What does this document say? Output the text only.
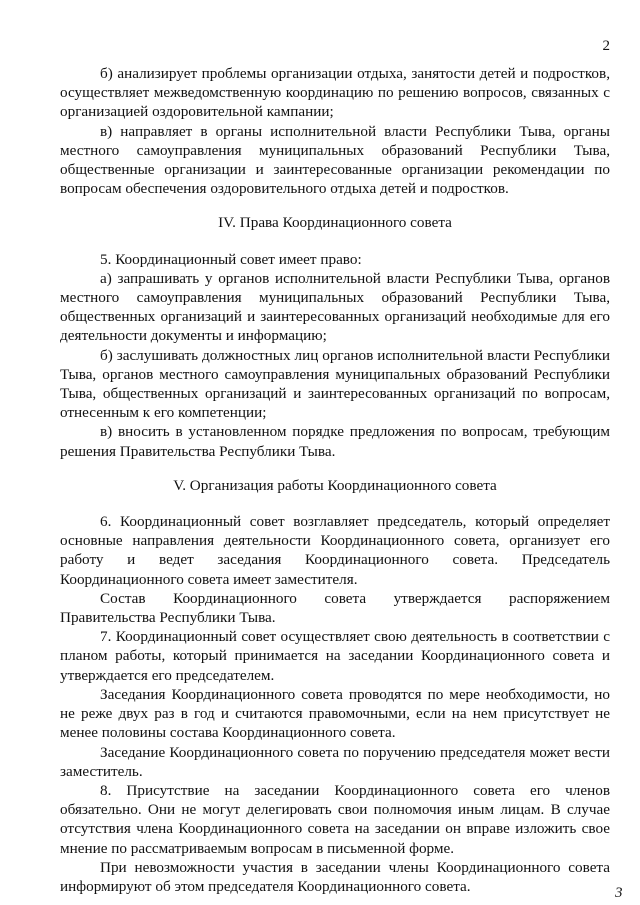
2

б) анализирует проблемы организации отдыха, занятости детей и подростков, осуществляет межведомственную координацию по решению вопросов, связанных с организацией оздоровительной кампании;

в) направляет в органы исполнительной власти Республики Тыва, органы местного самоуправления муниципальных образований Республики Тыва, общественные организации и заинтересованные организации рекомендации по вопросам обеспечения оздоровительного отдыха детей и подростков.

IV. Права Координационного совета

5. Координационный совет имеет право:

а) запрашивать у органов исполнительной власти Республики Тыва, органов местного самоуправления муниципальных образований Республики Тыва, общественных организаций и заинтересованных организаций необходимые для его деятельности документы и информацию;

б) заслушивать должностных лиц органов исполнительной власти Республики Тыва, органов местного самоуправления муниципальных образований Республики Тыва, общественных организаций и заинтересованных организаций по вопросам, отнесенным к его компетенции;

в) вносить в установленном порядке предложения по вопросам, требующим решения Правительства Республики Тыва.

V. Организация работы Координационного совета

6. Координационный совет возглавляет председатель, который определяет основные направления деятельности Координационного совета, организует его работу и ведет заседания Координационного совета. Председатель Координационного совета имеет заместителя.

Состав Координационного совета утверждается распоряжением Правительства Республики Тыва.

7. Координационный совет осуществляет свою деятельность в соответствии с планом работы, который принимается на заседании Координационного совета и утверждается его председателем.

Заседания Координационного совета проводятся по мере необходимости, но не реже двух раз в год и считаются правомочными, если на нем присутствует не менее половины состава Координационного совета.

Заседание Координационного совета по поручению председателя может вести заместитель.

8. Присутствие на заседании Координационного совета его членов обязательно. Они не могут делегировать свои полномочия иным лицам. В случае отсутствия члена Координационного совета на заседании он вправе изложить свое мнение по рассматриваемым вопросам в письменной форме.

При невозможности участия в заседании члены Координационного совета информируют об этом председателя Координационного совета.	3
